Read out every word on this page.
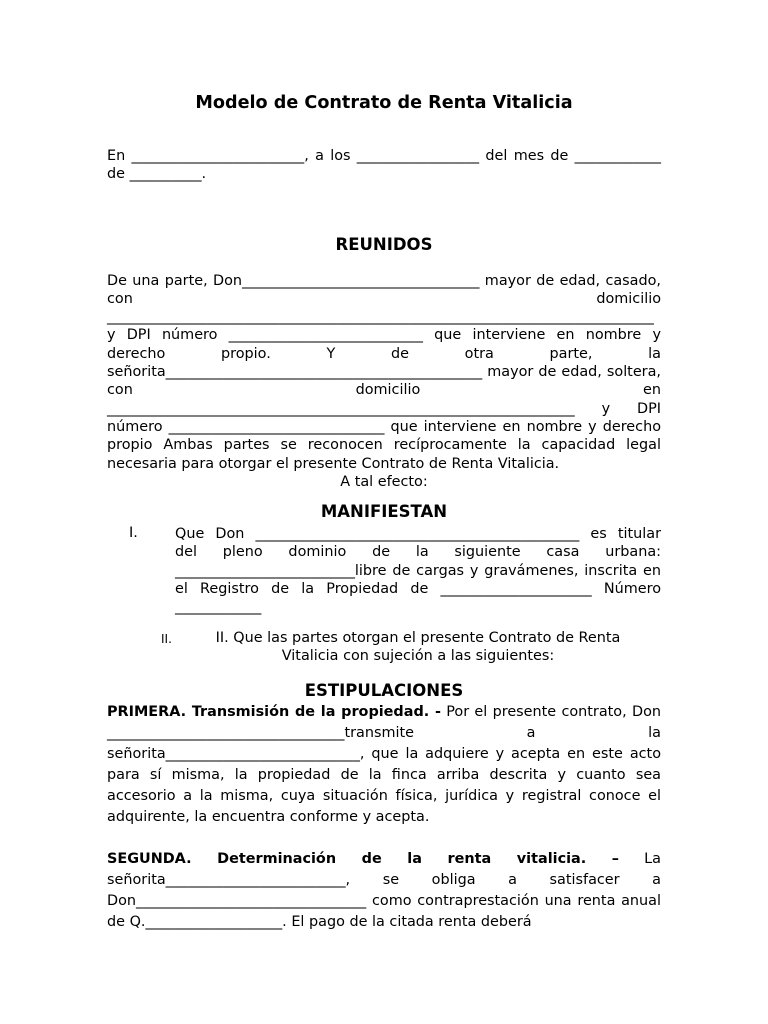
Modelo de Contrato de Renta Vitalicia

En ________________________, a los _________________ del mes de ____________ de __________.

REUNIDOS

De una parte, Don_________________________________ mayor de edad, casado, con domicilio ____________________________________________________________________________ y DPI número ___________________________ que interviene en nombre y derecho propio. Y de otra parte, la señorita____________________________________________ mayor de edad, soltera, con domicilio en _________________________________________________________________ y DPI número ______________________________ que interviene en nombre y derecho propio Ambas partes se reconocen recíprocamente la capacidad legal necesaria para otorgar el presente Contrato de Renta Vitalicia.

A tal efecto:

MANIFIESTAN
I.	Que Don _____________________________________________ es titular del pleno dominio de la siguiente casa urbana: _________________________libre de cargas y gravámenes, inscrita en el Registro de la Propiedad de _____________________ Número ____________

II.	II. Que las partes otorgan el presente Contrato de Renta Vitalicia con sujeción a las siguientes:
ESTIPULACIONES

PRIMERA. Transmisión de la propiedad. - Por el presente contrato, Don _________________________________transmite a la señorita___________________________, que la adquiere y acepta en este acto para sí misma, la propiedad de la finca arriba descrita y cuanto sea accesorio a la misma, cuya situación física, jurídica y registral conoce el adquirente, la encuentra conforme y acepta.

SEGUNDA. Determinación de la renta vitalicia. – La señorita_________________________, se obliga a satisfacer a Don________________________________ como contraprestación una renta anual de Q.___________________. El pago de la citada renta deberá
